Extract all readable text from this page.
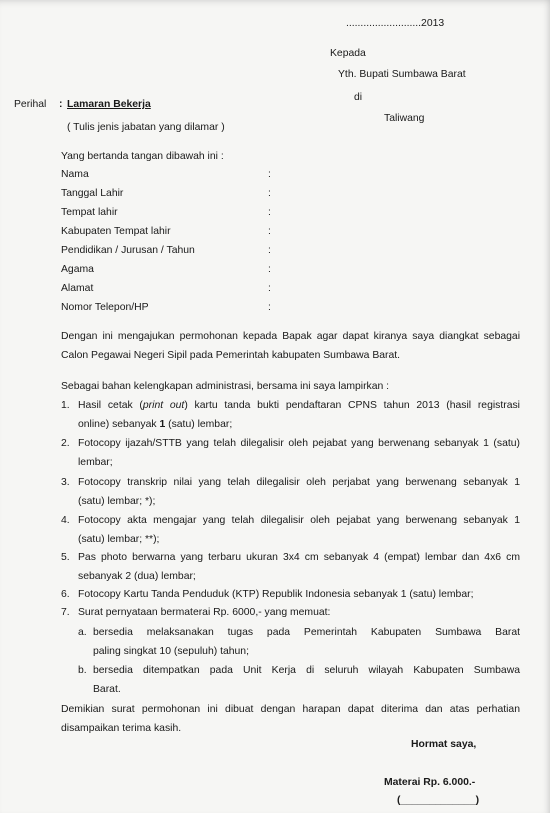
..........................2013
Kepada
Yth. Bupati Sumbawa Barat
di
Taliwang
Perihal : Lamaran Bekerja
( Tulis jenis jabatan yang dilamar )
Yang bertanda tangan dibawah ini :
Nama	:
Tanggal Lahir	:
Tempat lahir	:
Kabupaten Tempat lahir	:
Pendidikan / Jurusan / Tahun	:
Agama	:
Alamat	:
Nomor Telepon/HP	:
Dengan ini mengajukan permohonan kepada Bapak agar dapat kiranya saya diangkat sebagai
Calon Pegawai Negeri Sipil pada Pemerintah kabupaten Sumbawa Barat.
Sebagai bahan kelengkapan administrasi, bersama ini saya lampirkan :
1. Hasil cetak (print out) kartu tanda bukti pendaftaran CPNS tahun 2013 (hasil registrasi
online) sebanyak 1 (satu) lembar;
2. Fotocopy ijazah/STTB yang telah dilegalisir oleh pejabat yang berwenang sebanyak 1 (satu)
lembar;
3. Fotocopy transkrip nilai yang telah dilegalisir oleh perjabat yang berwenang sebanyak 1
(satu) lembar; *);
4. Fotocopy akta mengajar yang telah dilegalisir oleh pejabat yang berwenang sebanyak 1
(satu) lembar; **);
5. Pas photo berwarna yang terbaru ukuran 3x4 cm sebanyak 4 (empat) lembar dan 4x6 cm
sebanyak 2 (dua) lembar;
6. Fotocopy Kartu Tanda Penduduk (KTP) Republik Indonesia sebanyak 1 (satu) lembar;
7. Surat pernyataan bermaterai Rp. 6000,- yang memuat:
a. bersedia melaksanakan tugas pada Pemerintah Kabupaten Sumbawa Barat
paling singkat 10 (sepuluh) tahun;
b. bersedia ditempatkan pada Unit Kerja di seluruh wilayah Kabupaten Sumbawa
Barat.
Demikian surat permohonan ini dibuat dengan harapan dapat diterima dan atas perhatian
disampaikan terima kasih.
Hormat saya,
Materai Rp. 6.000.-
(_____________)
